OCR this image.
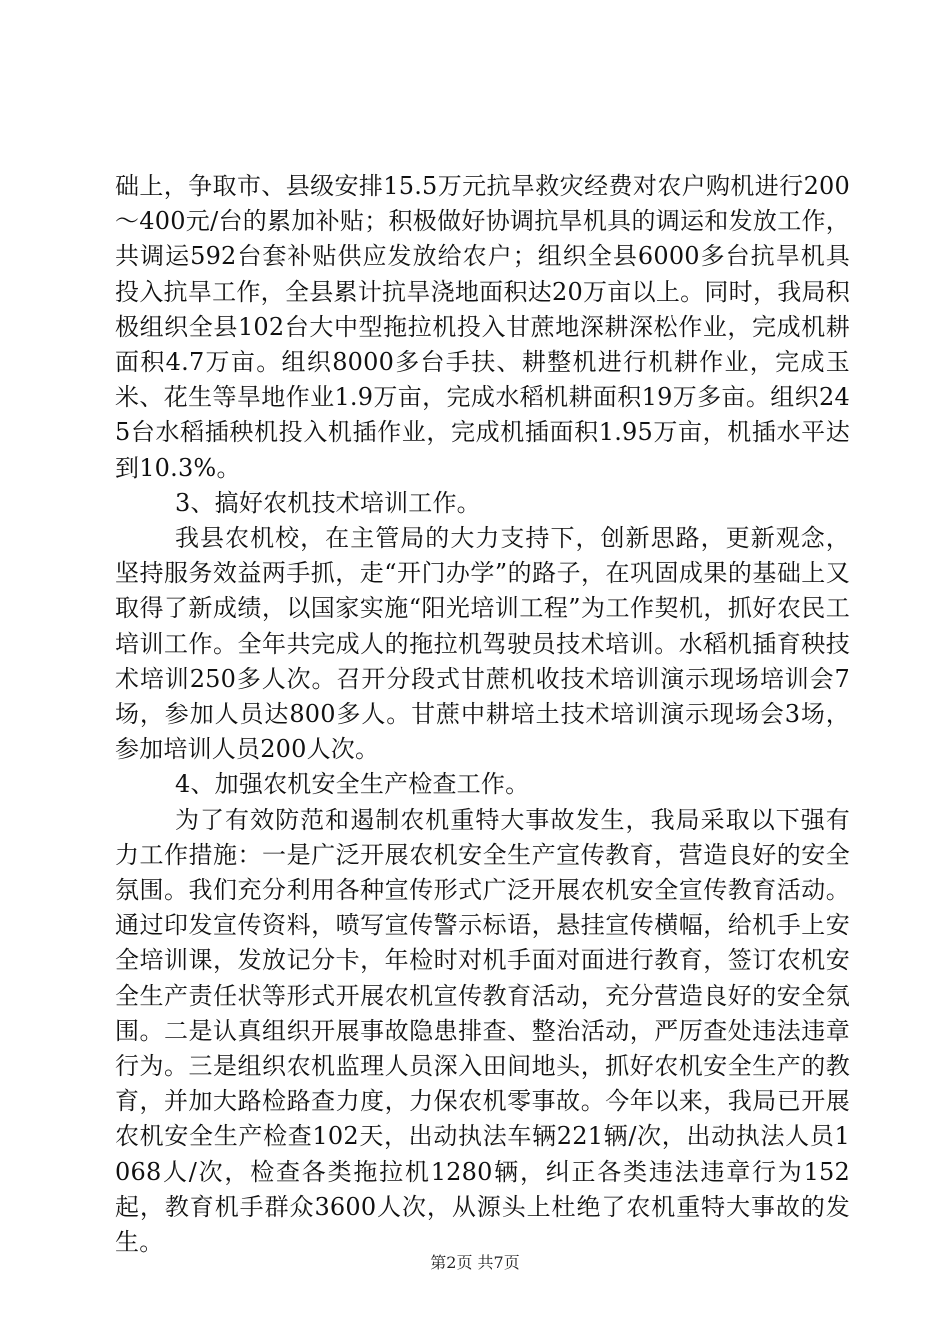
础上，争取市、县级安排15.5万元抗旱救灾经费对农户购机进行200～400元/台的累加补贴；积极做好协调抗旱机具的调运和发放工作，共调运592台套补贴供应发放给农户；组织全县6000多台抗旱机具投入抗旱工作，全县累计抗旱浇地面积达20万亩以上。同时，我局积极组织全县102台大中型拖拉机投入甘蔗地深耕深松作业，完成机耕面积4.7万亩。组织8000多台手扶、耕整机进行机耕作业，完成玉米、花生等旱地作业1.9万亩，完成水稻机耕面积19万多亩。组织245台水稻插秧机投入机插作业，完成机插面积1.95万亩，机插水平达到10.3%。

3、搞好农机技术培训工作。

我县农机校，在主管局的大力支持下，创新思路，更新观念，坚持服务效益两手抓，走“开门办学”的路子，在巩固成果的基础上又取得了新成绩，以国家实施“阳光培训工程”为工作契机，抓好农民工培训工作。全年共完成人的拖拉机驾驶员技术培训。水稻机插育秧技术培训250多人次。召开分段式甘蔗机收技术培训演示现场培训会7场，参加人员达800多人。甘蔗中耕培土技术培训演示现场会3场，参加培训人员200人次。

4、加强农机安全生产检查工作。

为了有效防范和遏制农机重特大事故发生，我局采取以下强有力工作措施：一是广泛开展农机安全生产宣传教育，营造良好的安全氛围。我们充分利用各种宣传形式广泛开展农机安全宣传教育活动。通过印发宣传资料，喷写宣传警示标语，悬挂宣传横幅，给机手上安全培训课，发放记分卡，年检时对机手面对面进行教育，签订农机安全生产责任状等形式开展农机宣传教育活动，充分营造良好的安全氛围。二是认真组织开展事故隐患排查、整治活动，严厉查处违法违章行为。三是组织农机监理人员深入田间地头，抓好农机安全生产的教育，并加大路检路查力度，力保农机零事故。今年以来，我局已开展农机安全生产检查102天，出动执法车辆221辆/次，出动执法人员1068人/次，检查各类拖拉机1280辆，纠正各类违法违章行为152起，教育机手群众3600人次，从源头上杜绝了农机重特大事故的发生。

第2页 共7页
